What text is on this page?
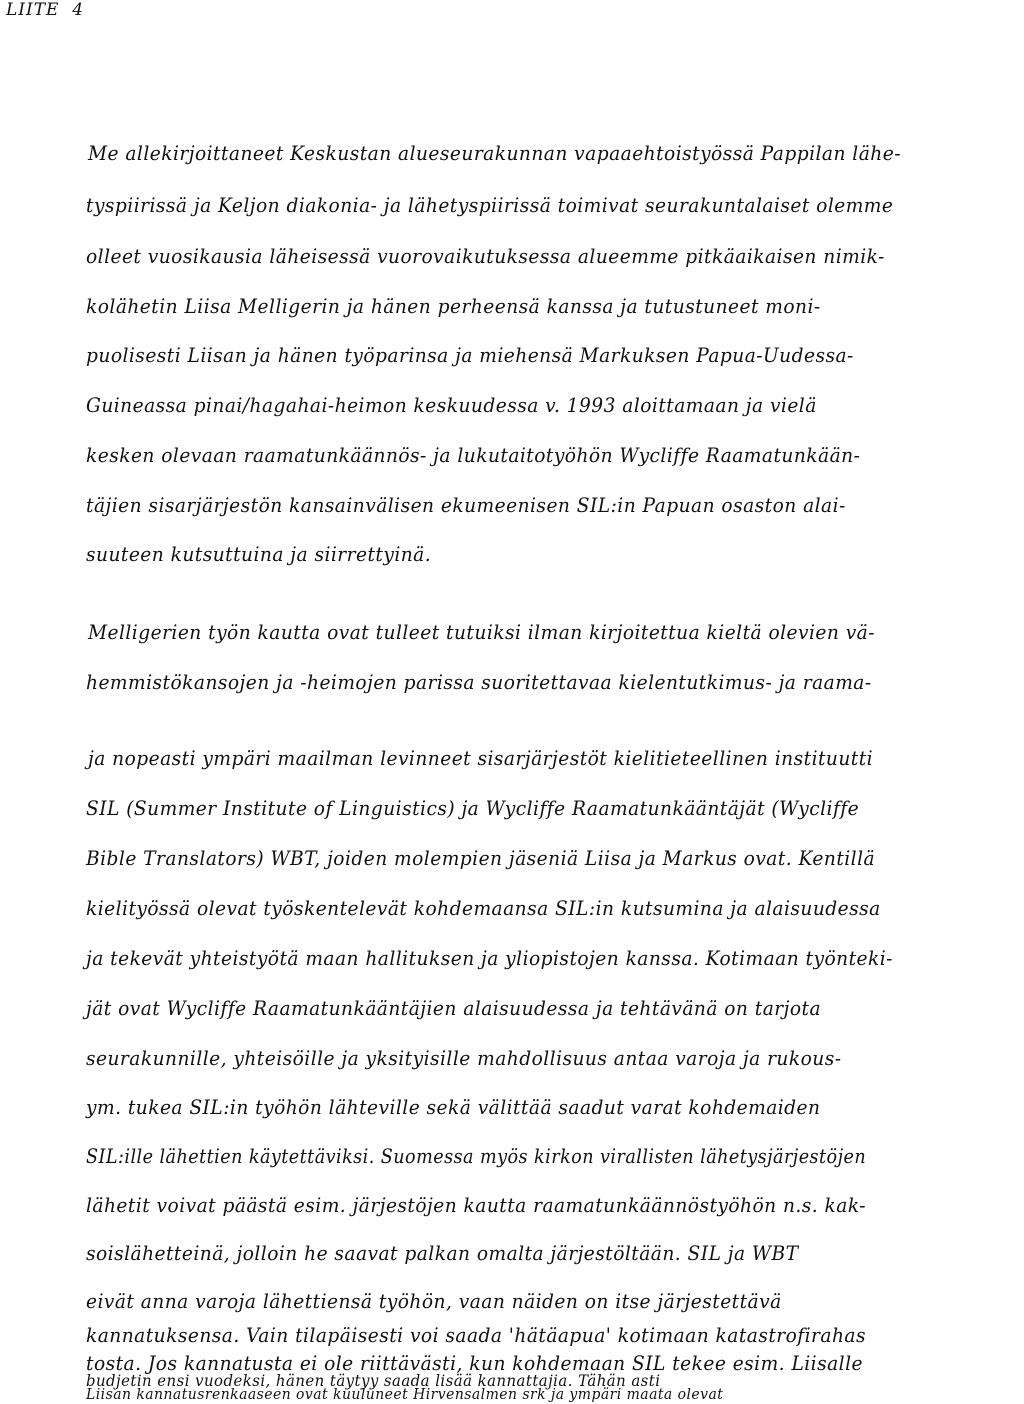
LIITE  4
Me allekirjoittaneet Keskustan alueseurakunnan vapaaehtoistyössä Pappilan lähe-
tyspiirissä ja Keljon diakonia- ja lähetyspiirissä toimivat seurakuntalaiset olemme
olleet vuosikausia läheisessä vuorovaikutuksessa alueemme pitkäaikaisen nimik-
kolähetin Liisa Melligerin ja hänen perheensä kanssa ja tutustuneet moni-
puolisesti Liisan ja hänen työparinsa ja miehensä Markuksen Papua-Uudessa-
Guineassa pinai/hagahai-heimon keskuudessa v. 1993 aloittamaan ja vielä
kesken olevaan raamatunkäännös- ja lukutaitotyöhön Wycliffe Raamatunkään-
täjien sisarjärjestön kansainvälisen ekumeenisen SIL:in Papuan osaston alai-
suuteen kutsuttuina ja siirrettyinä.
Melligerien työn kautta ovat tulleet tutuiksi ilman kirjoitettua kieltä olevien vä-
hemmistökansojen ja -heimojen parissa suoritettavaa kielentutkimus- ja raama-
ja nopeasti ympäri maailman levinneet sisarjärjestöt kielitieteellinen instituutti
SIL (Summer Institute of Linguistics) ja Wycliffe Raamatunkääntäjät (Wycliffe
Bible Translators) WBT, joiden molempien jäseniä Liisa ja Markus ovat. Kentillä
kielityössä olevat työskentelevät kohdemaansa SIL:in kutsumina ja alaisuudessa
ja tekevät yhteistyötä maan hallituksen ja yliopistojen kanssa. Kotimaan työnteki-
jät ovat Wycliffe Raamatunkääntäjien alaisuudessa ja tehtävänä on tarjota
seurakunnille, yhteisöille ja yksityisille mahdollisuus antaa varoja ja rukous-
ym. tukea SIL:in työhön lähteville sekä välittää saadut varat kohdemaiden
SIL:ille lähettien käytettäviksi. Suomessa myös kirkon virallisten lähetysjärjestöjen
lähetit voivat päästä esim. järjestöjen kautta raamatunkäännöstyöhön n.s. kak-
soislähetteinä, jolloin he saavat palkan omalta järjestöltään. SIL ja WBT
eivät anna varoja lähettiensä työhön, vaan näiden on itse järjestettävä
kannatuksensa. Vain tilapäisesti voi saada 'hätäapua' kotimaan katastrofirahas
tosta. Jos kannatusta ei ole riittävästi, kun kohdemaan SIL tekee esim. Liisalle
budjetin ensi vuodeksi, hänen täytyy saada lisää kannattajia. Tähän asti
Liisan kannatusrenkaaseen ovat kuuluneet Hirvensalmen srk ja ympäri maata olevat
